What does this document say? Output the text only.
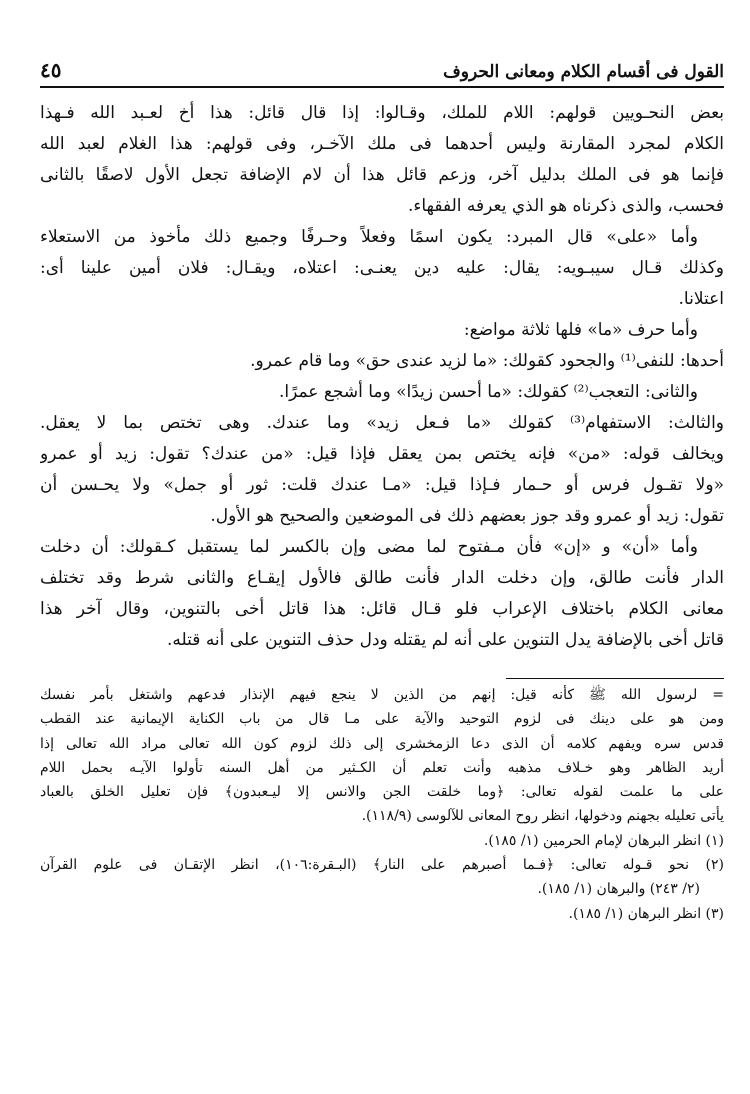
القول فى أقسام الكلام ومعانى الحروف
٤٥
بعض النحـويين قولهم: اللام للملك، وقـالوا: إذا قال قائل: هذا أخ لعـبد الله فـهذا
الكلام لمجرد المقارنة وليس أحدهما فى ملك الآخـر، وفى قولهم: هذا الغلام لعبد الله
فإنما هو فى الملك بدليل آخر، وزعم قائل هذا أن لام الإضافة تجعل الأول لاصقًا بالثانى
فحسب، والذى ذكرناه هو الذي يعرفه الفقهاء.
وأما «على» قال المبرد: يكون اسمًا وفعلاً وحـرفًا وجميع ذلك مأخوذ من الاستعلاء
وكذلك قـال سيبـويه: يقال: عليه دين يعنـى: اعتلاه، ويقـال: فلان أمين علينا أى:
اعتلانا.
وأما حرف «ما» فلها ثلاثة مواضع:
أحدها: للنفى⁽¹⁾ والجحود كقولك: «ما لزيد عندى حق» وما قام عمرو.
والثانى: التعجب⁽²⁾ كقولك: «ما أحسن زيدًا» وما أشجع عمرًا.
والثالث: الاستفهام⁽³⁾ كقولك «ما فـعل زيد» وما عندك. وهى تختص بما لا يعقل.
ويخالف قوله: «من» فإنه يختص بمن يعقل فإذا قيل: «من عندك؟ تقول: زيد أو عمرو
«ولا تقـول فرس أو حـمار فـإذا قيل: «مـا عندك قلت: ثور أو جمل» ولا يحـسن أن
تقول: زيد أو عمرو وقد جوز بعضهم ذلك فى الموضعين والصحيح هو الأول.
وأما «أن» و «إن» فأن مـفتوح لما مضى وإن بالكسر لما يستقبل كـقولك: أن دخلت
الدار فأنت طالق، وإن دخلت الدار فأنت طالق فالأول إيقـاع والثانى شرط وقد تختلف
معانى الكلام باختلاف الإعراب فلو قـال قائل: هذا قاتل أخى بالتنوين، وقال آخر هذا
قاتل أخى بالإضافة يدل التنوين على أنه لم يقتله ودل حذف التنوين على أنه قتله.
= لرسول الله ﷺ كأنه قيل: إنهم من الذين لا ينجع فيهم الإنذار فدعهم واشتغل بأمر نفسك
ومن هو على دينك فى لزوم التوحيد والآية على مـا قال من باب الكناية الإيمانية عند القطب
قدس سره ويفهم كلامه أن الذى دعا الزمخشرى إلى ذلك لزوم كون الله تعالى مراد الله تعالى إذا
أريد الظاهر وهو خـلاف مذهبه وأنت تعلم أن الكـثير من أهل السنه تأولوا الآيـه بحمل اللام
على ما علمت لقوله تعالى: ﴿وما خلقت الجن والانس إلا ليـعبدون﴾ فإن تعليل الخلق بالعباد
يأتى تعليله بجهنم ودخولها، انظر روح المعانى للآلوسى (١١٨/٩).
(١) انظر البرهان لإمام الحرمين (١/ ١٨٥).
(٢) نحو قـوله تعالى: ﴿فـما أصبرهم على النار﴾ (البـقرة:١٠٦)، انظر الإتقـان فى علوم القرآن
(٢/ ٢٤٣) والبرهان (١/ ١٨٥).
(٣) انظر البرهان (١/ ١٨٥).
